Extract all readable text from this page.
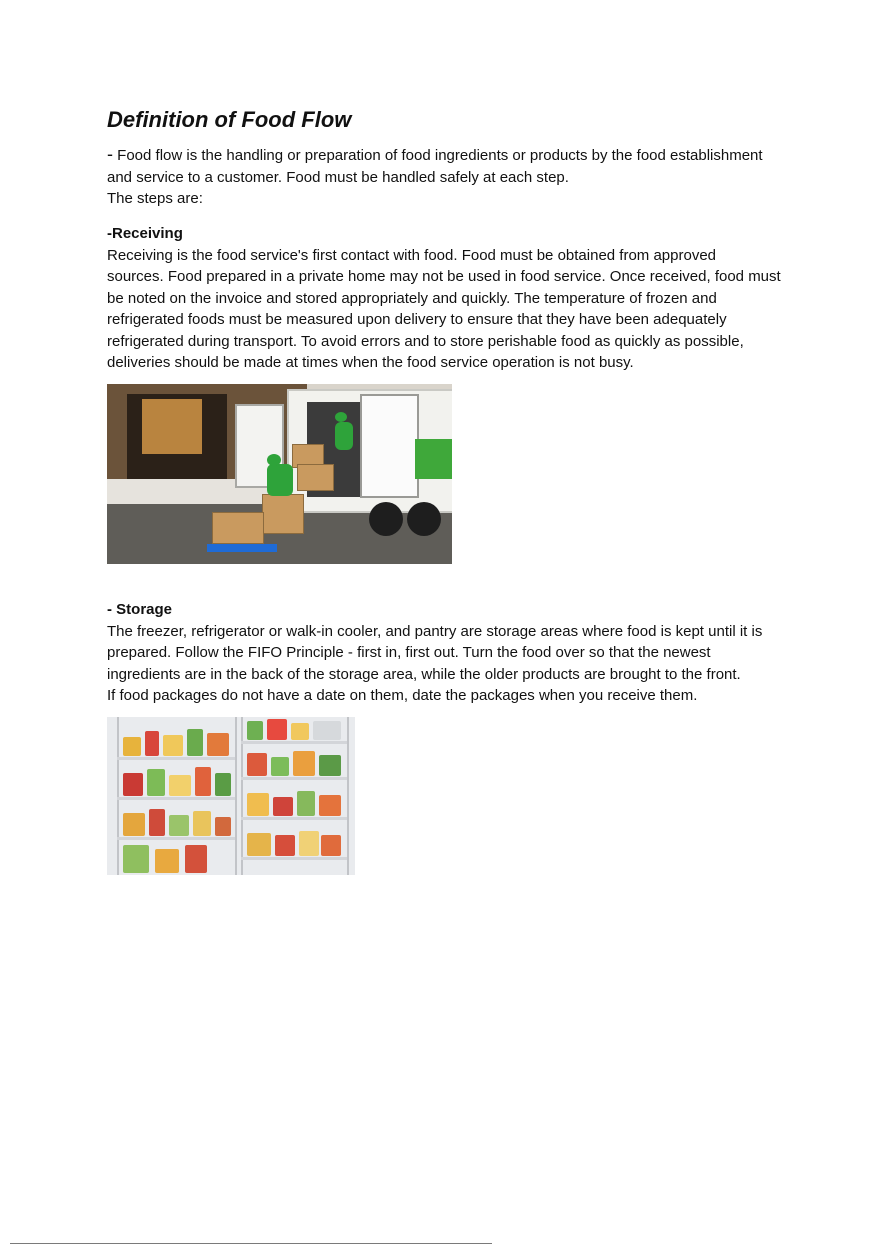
Definition of Food Flow
- Food flow is the handling or preparation of food ingredients or products by the food establishment
and service to a customer. Food must be handled safely at each step.
The steps are:
-Receiving
Receiving is the food service's first contact with food. Food must be obtained from approved
sources. Food prepared in a private home may not be used in food service. Once received, food must
be noted on the invoice and stored appropriately and quickly. The temperature of frozen and
refrigerated foods must be measured upon delivery to ensure that they have been adequately
refrigerated during transport. To avoid errors and to store perishable food as quickly as possible,
deliveries should be made at times when the food service operation is not busy.
- Storage
The freezer, refrigerator or walk-in cooler, and pantry are storage areas where food is kept until it is
prepared. Follow the FIFO Principle - first in, first out. Turn the food over so that the newest
ingredients are in the back of the storage area, while the older products are brought to the front.
If food packages do not have a date on them, date the packages when you receive them.
